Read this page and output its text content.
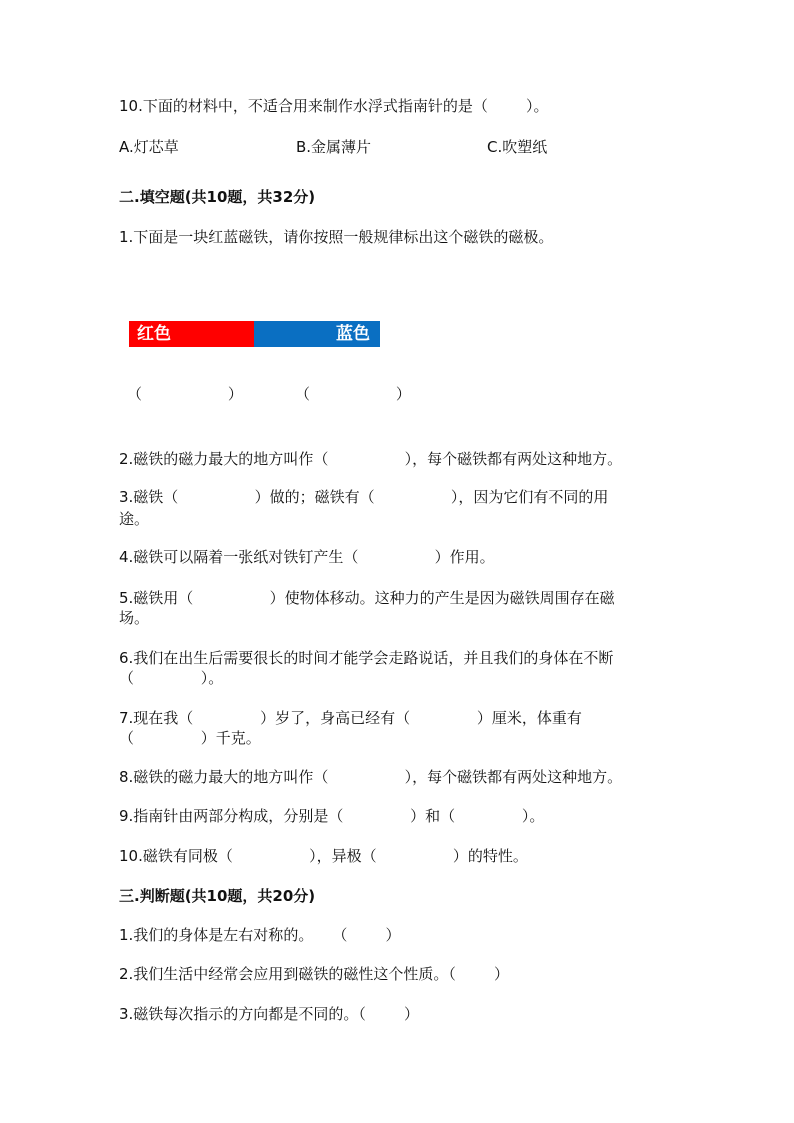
10.下面的材料中，不适合用来制作水浮式指南针的是（        ）。
A.灯芯草	B.金属薄片	C.吹塑纸
二.填空题(共10题，共32分)
1.下面是一块红蓝磁铁，请你按照一般规律标出这个磁铁的磁极。
红色	蓝色
（                  ）	（                  ）
2.磁铁的磁力最大的地方叫作（                ），每个磁铁都有两处这种地方。
3.磁铁（                ）做的；磁铁有（                ），因为它们有不同的用
途。
4.磁铁可以隔着一张纸对铁钉产生（                ）作用。
5.磁铁用（                ）使物体移动。这种力的产生是因为磁铁周围存在磁
场。
6.我们在出生后需要很长的时间才能学会走路说话，并且我们的身体在不断
（              ）。
7.现在我（              ）岁了，身高已经有（              ）厘米，体重有
（              ）千克。
8.磁铁的磁力最大的地方叫作（                ），每个磁铁都有两处这种地方。
9.指南针由两部分构成，分别是（              ）和（              ）。
10.磁铁有同极（                ），异极（                ）的特性。
三.判断题(共10题，共20分)
1.我们的身体是左右对称的。    （        ）
2.我们生活中经常会应用到磁铁的磁性这个性质。（        ）
3.磁铁每次指示的方向都是不同的。（        ）
